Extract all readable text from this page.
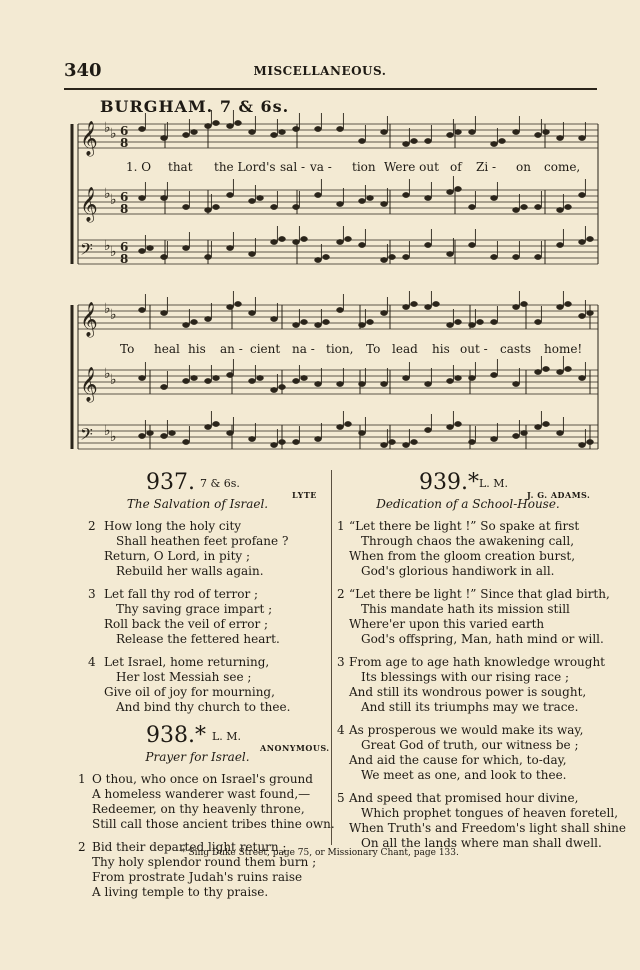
340	MISCELLANEOUS.
BURGHAM. 7 & 6s.
𝄞 ♭ ♭ 6
8
𝄞 ♭ ♭ 6
8
𝄢 ♭ ♭ 6
8
𝄞 ♭ ♭
𝄞 ♭ ♭
𝄢 ♭ ♭
1. O that the Lord's sal - va - tion Were out of Zi - on come,
To heal his an - cient na - tion, To lead his out - casts home!
937. 7 & 6s.
LYTE
The Salvation of Israel.
2 How long the holy city
Shall heathen feet profane ?
Return, O Lord, in pity ;
Rebuild her walls again.
3 Let fall thy rod of terror ;
Thy saving grace impart ;
Roll back the veil of error ;
Release the fettered heart.
4 Let Israel, home returning,
Her lost Messiah see ;
Give oil of joy for mourning,
And bind thy church to thee.
938.* L. M.
ANONYMOUS.
Prayer for Israel.
1 O thou, who once on Israel's ground
A homeless wanderer wast found,—
Redeemer, on thy heavenly throne,
Still call those ancient tribes thine own.
2 Bid their departed light return ;
Thy holy splendor round them burn ;
From prostrate Judah's ruins raise
A living temple to thy praise.
939.* L. M.
J. G. ADAMS.
Dedication of a School-House.
1 “Let there be light !” So spake at first
Through chaos the awakening call,
When from the gloom creation burst,
God's glorious handiwork in all.
2 “Let there be light !” Since that glad birth,
This mandate hath its mission still
Where'er upon this varied earth
God's offspring, Man, hath mind or will.
3 From age to age hath knowledge wrought
Its blessings with our rising race ;
And still its wondrous power is sought,
And still its triumphs may we trace.
4 As prosperous we would make its way,
Great God of truth, our witness be ;
And aid the cause for which, to-day,
We meet as one, and look to thee.
5 And speed that promised hour divine,
Which prophet tongues of heaven foretell,
When Truth's and Freedom's light shall shine
On all the lands where man shall dwell.
* Sing Duke Street, page 75, or Missionary Chant, page 133.
